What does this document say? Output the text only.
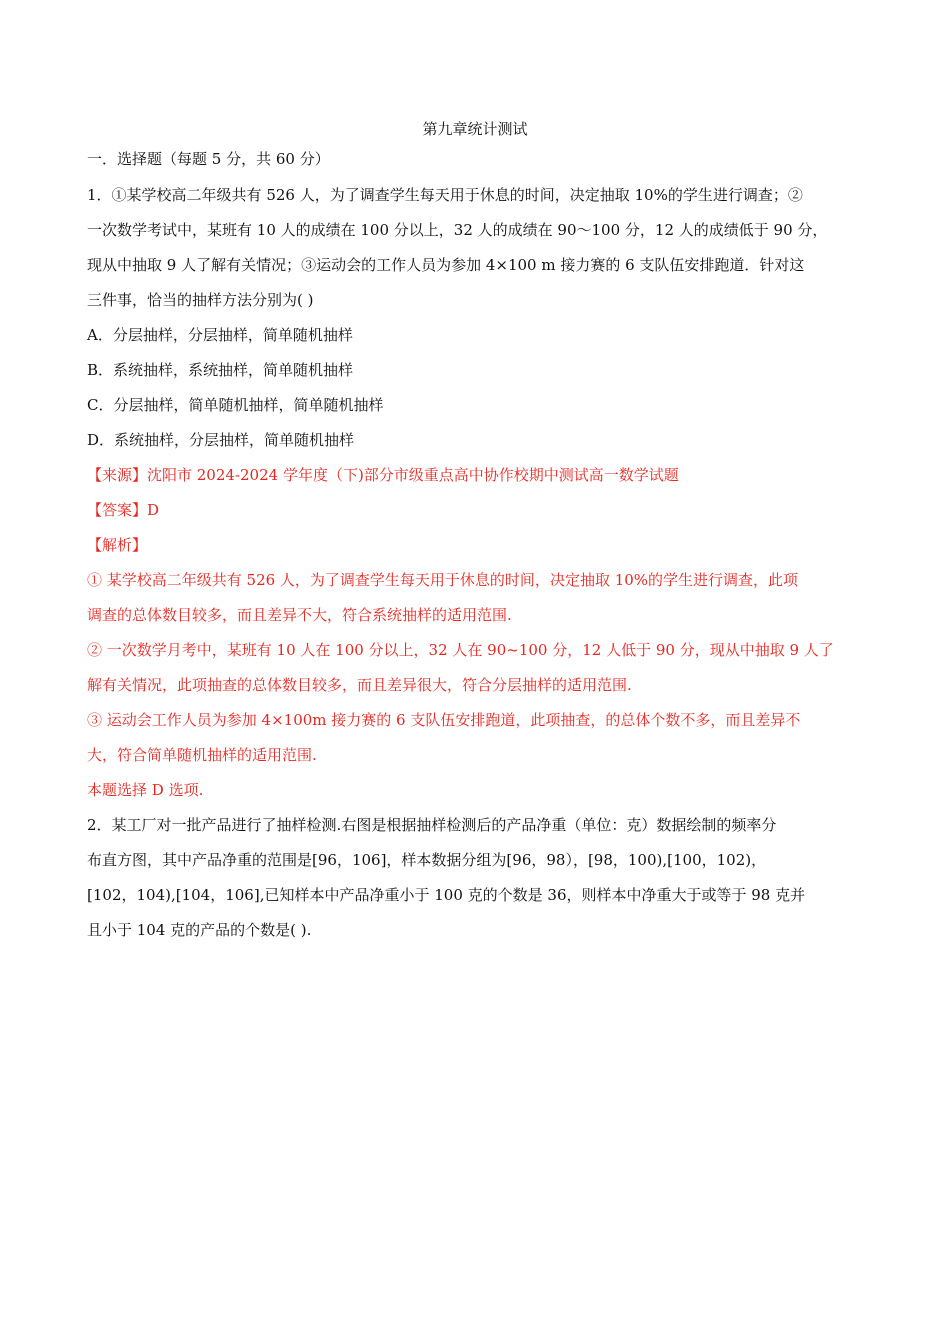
第九章统计测试

一．选择题（每题 5 分，共 60 分）

1．①某学校高二年级共有 526 人，为了调查学生每天用于休息的时间，决定抽取 10%的学生进行调查；②

一次数学考试中，某班有 10 人的成绩在 100 分以上，32 人的成绩在 90～100 分，12 人的成绩低于 90 分，

现从中抽取 9 人了解有关情况；③运动会的工作人员为参加 4×100 m 接力赛的 6 支队伍安排跑道．针对这

三件事，恰当的抽样方法分别为( )

A．分层抽样，分层抽样，简单随机抽样

B．系统抽样，系统抽样，简单随机抽样

C．分层抽样，简单随机抽样，简单随机抽样

D．系统抽样，分层抽样，简单随机抽样

【来源】沈阳市 2024-2024 学年度（下)部分市级重点高中协作校期中测试高一数学试题

【答案】D

【解析】

① 某学校高二年级共有 526 人，为了调查学生每天用于休息的时间，决定抽取 10%的学生进行调查，此项

调查的总体数目较多，而且差异不大，符合系统抽样的适用范围.

② 一次数学月考中，某班有 10 人在 100 分以上，32 人在 90~100 分，12 人低于 90 分，现从中抽取 9 人了

解有关情况，此项抽查的总体数目较多，而且差异很大，符合分层抽样的适用范围.

③ 运动会工作人员为参加 4×100m 接力赛的 6 支队伍安排跑道，此项抽查，的总体个数不多，而且差异不

大，符合简单随机抽样的适用范围.

本题选择 D 选项.

2．某工厂对一批产品进行了抽样检测.右图是根据抽样检测后的产品净重（单位：克）数据绘制的频率分

布直方图，其中产品净重的范围是[96，106]，样本数据分组为[96，98），[98，100),[100，102)，

[102，104),[104，106],已知样本中产品净重小于 100 克的个数是 36，则样本中净重大于或等于 98 克并

且小于 104 克的产品的个数是( ).
